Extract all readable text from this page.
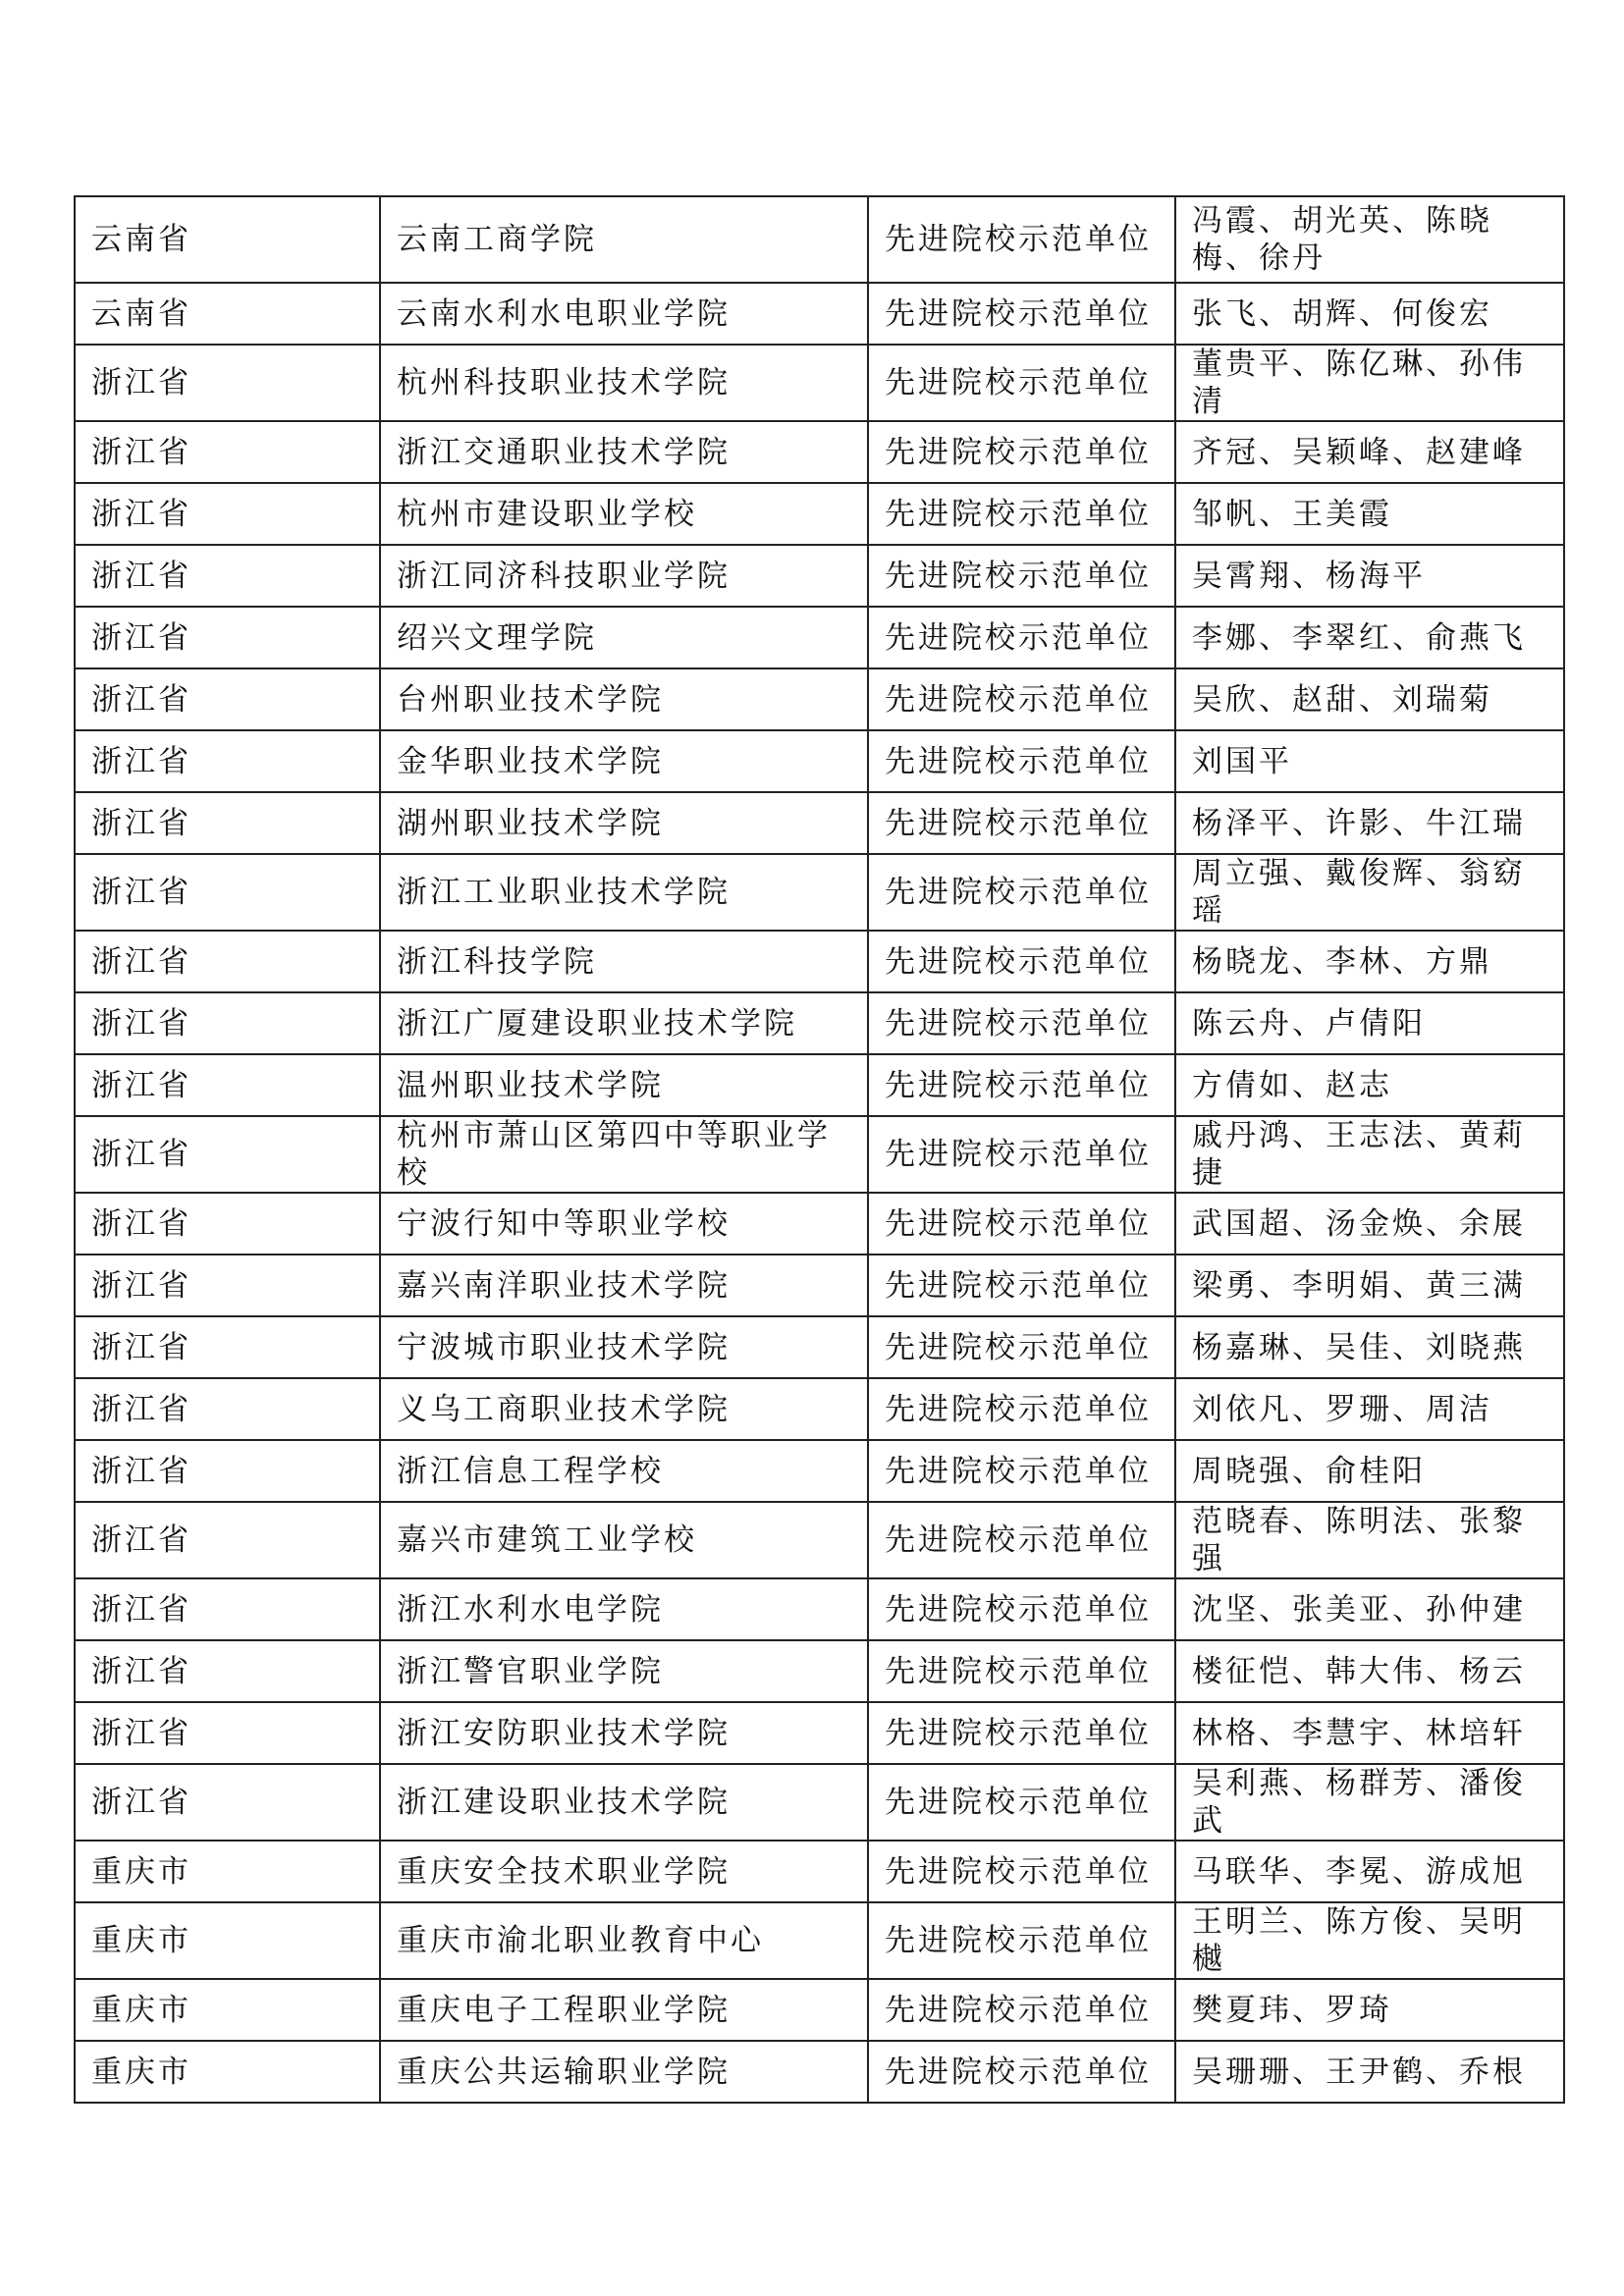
云南省	云南工商学院	先进院校示范单位	冯霞、胡光英、陈晓梅、徐丹
云南省	云南水利水电职业学院	先进院校示范单位	张飞、胡辉、何俊宏
浙江省	杭州科技职业技术学院	先进院校示范单位	董贵平、陈亿琳、孙伟清
浙江省	浙江交通职业技术学院	先进院校示范单位	齐冠、吴颖峰、赵建峰
浙江省	杭州市建设职业学校	先进院校示范单位	邹帆、王美霞
浙江省	浙江同济科技职业学院	先进院校示范单位	吴霄翔、杨海平
浙江省	绍兴文理学院	先进院校示范单位	李娜、李翠红、俞燕飞
浙江省	台州职业技术学院	先进院校示范单位	吴欣、赵甜、刘瑞菊
浙江省	金华职业技术学院	先进院校示范单位	刘国平
浙江省	湖州职业技术学院	先进院校示范单位	杨泽平、许影、牛江瑞
浙江省	浙江工业职业技术学院	先进院校示范单位	周立强、戴俊辉、翁窈瑶
浙江省	浙江科技学院	先进院校示范单位	杨晓龙、李林、方鼎
浙江省	浙江广厦建设职业技术学院	先进院校示范单位	陈云舟、卢倩阳
浙江省	温州职业技术学院	先进院校示范单位	方倩如、赵志
浙江省	杭州市萧山区第四中等职业学校	先进院校示范单位	戚丹鸿、王志法、黄莉捷
浙江省	宁波行知中等职业学校	先进院校示范单位	武国超、汤金焕、余展
浙江省	嘉兴南洋职业技术学院	先进院校示范单位	梁勇、李明娟、黄三满
浙江省	宁波城市职业技术学院	先进院校示范单位	杨嘉琳、吴佳、刘晓燕
浙江省	义乌工商职业技术学院	先进院校示范单位	刘依凡、罗珊、周洁
浙江省	浙江信息工程学校	先进院校示范单位	周晓强、俞桂阳
浙江省	嘉兴市建筑工业学校	先进院校示范单位	范晓春、陈明法、张黎强
浙江省	浙江水利水电学院	先进院校示范单位	沈坚、张美亚、孙仲建
浙江省	浙江警官职业学院	先进院校示范单位	楼征恺、韩大伟、杨云
浙江省	浙江安防职业技术学院	先进院校示范单位	林格、李慧宇、林培轩
浙江省	浙江建设职业技术学院	先进院校示范单位	吴利燕、杨群芳、潘俊武
重庆市	重庆安全技术职业学院	先进院校示范单位	马联华、李冕、游成旭
重庆市	重庆市渝北职业教育中心	先进院校示范单位	王明兰、陈方俊、吴明樾
重庆市	重庆电子工程职业学院	先进院校示范单位	樊夏玮、罗琦
重庆市	重庆公共运输职业学院	先进院校示范单位	吴珊珊、王尹鹤、乔根
